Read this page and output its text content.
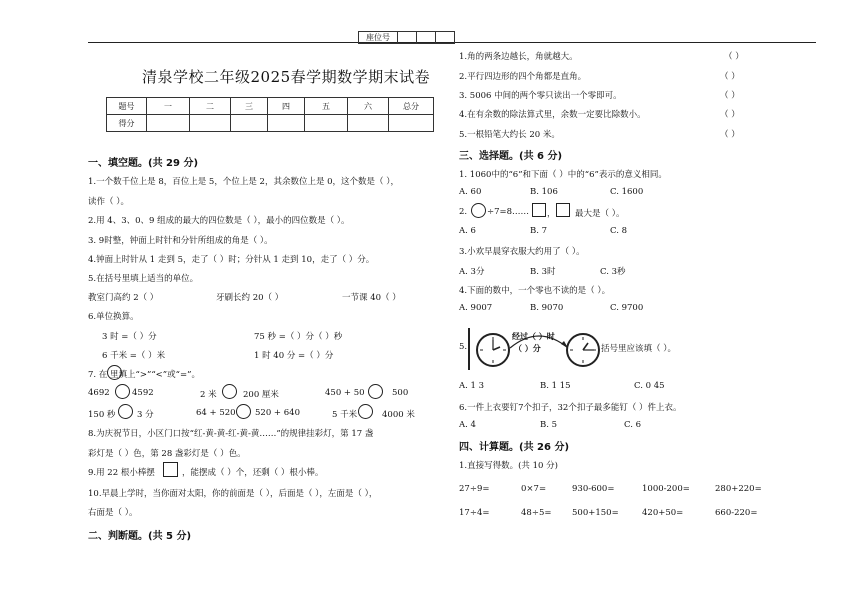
座位号			
清泉学校二年级2025春学期数学期末试卷
题号	一	二	三	四	五	六	总分
得分							
一、填空题。(共 29 分)
1.一个数千位上是 8，百位上是 5，个位上是 2，其余数位上是 0，这个数是（ ），
读作（ ）。
2.用 4、3、0、9 组成的最大的四位数是（ ），最小的四位数是（ ）。
3. 9时整，钟面上时针和分针所组成的角是（ ）。
4.钟面上时针从 1 走到 5，走了（ ）时；分针从 1 走到 10，走了（ ）分。
5.在括号里填上适当的单位。
教室门高约 2（ ）	牙刷长约 20（ ）	一节课 40（ ）
6.单位换算。
3 时 =（ ）分	75 秒 =（ ）分（ ）秒
6 千米 =（ ）米	1 时 40 分 =（ ）分
7. 在 里填上“>”“<”或“=”。
4692	4592	2 米	200 厘米	450 + 50	500
150 秒	3 分	64 + 520 520 + 640	5 千米	4000 米
8.为庆祝节日，小区门口按“红-黄-黄-红-黄-黄……”的规律挂彩灯，第 17 盏
彩灯是（ ）色，第 28 盏彩灯是（ ）色。
9.用 22 根小棒摆	，能摆成（ ）个，还剩（ ）根小棒。
10.早晨上学时，当你面对太阳，你的前面是（ ），后面是（ ），左面是（ ），
右面是（ ）。
二、判断题。(共 5 分)
1.角的两条边越长，角就越大。	（ ）
2.平行四边形的四个角都是直角。	（ ）
3. 5006 中间的两个零只读出一个零即可。	（ ）
4.在有余数的除法算式里，余数一定要比除数小。	（ ）
5.一根铅笔大约长 20 米。	（ ）
三、选择题。(共 6 分)
1. 1060中的“6”和下面（ ）中的“6”表示的意义相同。
A. 60	B. 106	C. 1600
2. ÷7=8…… ， 最大是（ ）。
A. 6	B. 7	C. 8
3.小欢早晨穿衣服大约用了（ ）。
A. 3分	B. 3时	C. 3秒
4.下面的数中，一个零也不读的是（ ）。
A. 9007	B. 9070	C. 9700
5.
经过（ ）时
（ ）分	括号里应该填（ ）。
A. 1 3	B. 1 15	C. 0 45
6.一件上衣要钉7个扣子，32个扣子最多能钉（ ）件上衣。
A. 4	B. 5	C. 6
四、计算题。(共 26 分)
1.直接写得数。(共 10 分)
27÷9=	0×7=	930-600=	1000-200=	280+220=
17÷4=	48÷5= 500+150=	420+50=	660-220=
